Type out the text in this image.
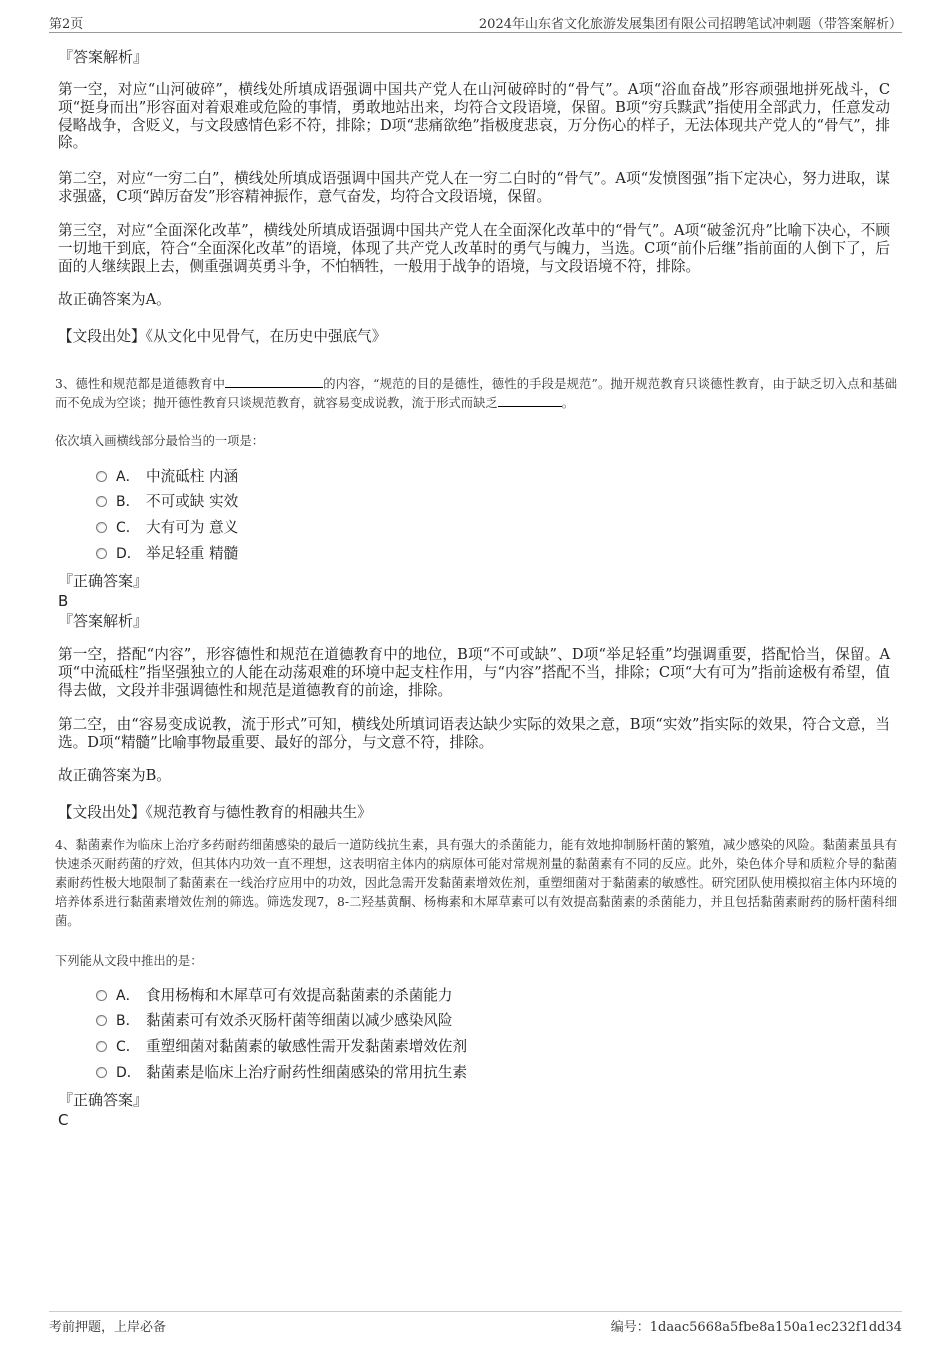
第2页	2024年山东省文化旅游发展集团有限公司招聘笔试冲刺题（带答案解析）
『答案解析』
第一空，对应“山河破碎”，横线处所填成语强调中国共产党人在山河破碎时的“骨气”。A项“浴血奋战”形容顽强地拼死战斗，C项“挺身而出”形容面对着艰难或危险的事情，勇敢地站出来，均符合文段语境，保留。B项“穷兵黩武”指使用全部武力，任意发动侵略战争，含贬义，与文段感情色彩不符，排除；D项“悲痛欲绝”指极度悲哀，万分伤心的样子，无法体现共产党人的“骨气”，排除。
第二空，对应“一穷二白”，横线处所填成语强调中国共产党人在一穷二白时的“骨气”。A项“发愤图强”指下定决心，努力进取，谋求强盛，C项“踔厉奋发”形容精神振作，意气奋发，均符合文段语境，保留。
第三空，对应“全面深化改革”，横线处所填成语强调中国共产党人在全面深化改革中的“骨气”。A项“破釜沉舟”比喻下决心，不顾一切地干到底，符合“全面深化改革”的语境，体现了共产党人改革时的勇气与魄力，当选。C项“前仆后继”指前面的人倒下了，后面的人继续跟上去，侧重强调英勇斗争，不怕牺牲，一般用于战争的语境，与文段语境不符，排除。
故正确答案为A。
【文段出处】《从文化中见骨气，在历史中强底气》
3、德性和规范都是道德教育中	的内容，“规范的目的是德性，德性的手段是规范”。抛开规范教育只谈德性教育，由于缺乏切入点和基础而不免成为空谈；抛开德性教育只谈规范教育，就容易变成说教，流于形式而缺乏	。
依次填入画横线部分最恰当的一项是：
A． 中流砥柱 内涵
B． 不可或缺 实效
C． 大有可为 意义
D． 举足轻重 精髓
『正确答案』
B
『答案解析』
第一空，搭配“内容”，形容德性和规范在道德教育中的地位，B项“不可或缺”、D项“举足轻重”均强调重要，搭配恰当，保留。A项“中流砥柱”指坚强独立的人能在动荡艰难的环境中起支柱作用，与“内容”搭配不当，排除；C项“大有可为”指前途极有希望，值得去做，文段并非强调德性和规范是道德教育的前途，排除。
第二空，由“容易变成说教，流于形式”可知，横线处所填词语表达缺少实际的效果之意，B项“实效”指实际的效果，符合文意，当选。D项“精髓”比喻事物最重要、最好的部分，与文意不符，排除。
故正确答案为B。
【文段出处】《规范教育与德性教育的相融共生》
4、黏菌素作为临床上治疗多药耐药细菌感染的最后一道防线抗生素，具有强大的杀菌能力，能有效地抑制肠杆菌的繁殖，减少感染的风险。黏菌素虽具有快速杀灭耐药菌的疗效，但其体内功效一直不理想，这表明宿主体内的病原体可能对常规剂量的黏菌素有不同的反应。此外，染色体介导和质粒介导的黏菌素耐药性极大地限制了黏菌素在一线治疗应用中的功效，因此急需开发黏菌素增效佐剂，重塑细菌对于黏菌素的敏感性。研究团队使用模拟宿主体内环境的培养体系进行黏菌素增效佐剂的筛选。筛选发现7，8-二羟基黄酮、杨梅素和木犀草素可以有效提高黏菌素的杀菌能力，并且包括黏菌素耐药的肠杆菌科细菌。
下列能从文段中推出的是：
A． 食用杨梅和木犀草可有效提高黏菌素的杀菌能力
B． 黏菌素可有效杀灭肠杆菌等细菌以减少感染风险
C． 重塑细菌对黏菌素的敏感性需开发黏菌素增效佐剂
D． 黏菌素是临床上治疗耐药性细菌感染的常用抗生素
『正确答案』
C
考前押题，上岸必备	编号：1daac5668a5fbe8a150a1ec232f1dd34
